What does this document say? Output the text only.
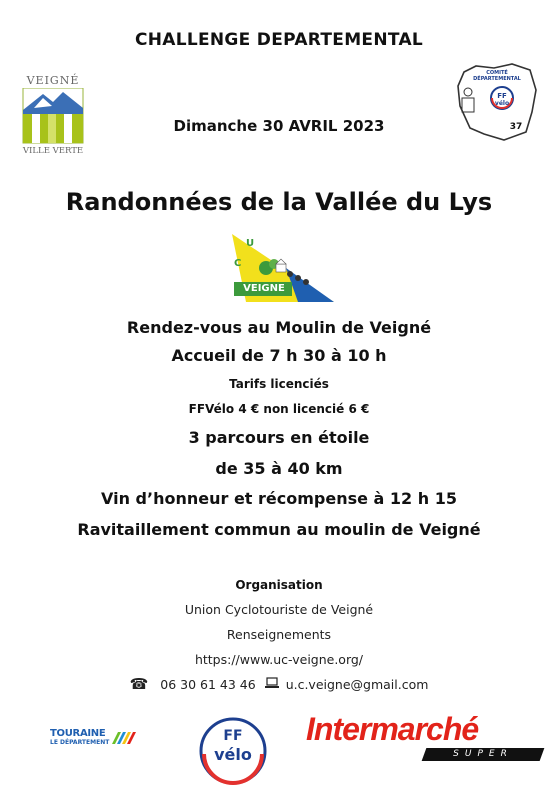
CHALLENGE DEPARTEMENTAL
VEIGNÉ
VILLE VERTE
FF
vélo
COMITÉ
DÉPARTEMENTAL
37
Dimanche 30 AVRIL 2023
Randonnées de la Vallée du Lys
U
C
VEIGNE
Rendez-vous au Moulin de Veigné
Accueil de 7 h 30 à 10 h
Tarifs licenciés
FFVélo 4 € non licencié 6 €
3 parcours en étoile
de 35 à 40 km
Vin d’honneur et récompense à 12 h 15
Ravitaillement commun au moulin de Veigné
Organisation
Union Cyclotouriste de Veigné
Renseignements
https://www.uc-veigne.org/
☎ 06 30 61 43 46 u.c.veigne@gmail.com
TOURAINE
LE DÉPARTEMENT	FF
vélo
Intermarché
SUPER
